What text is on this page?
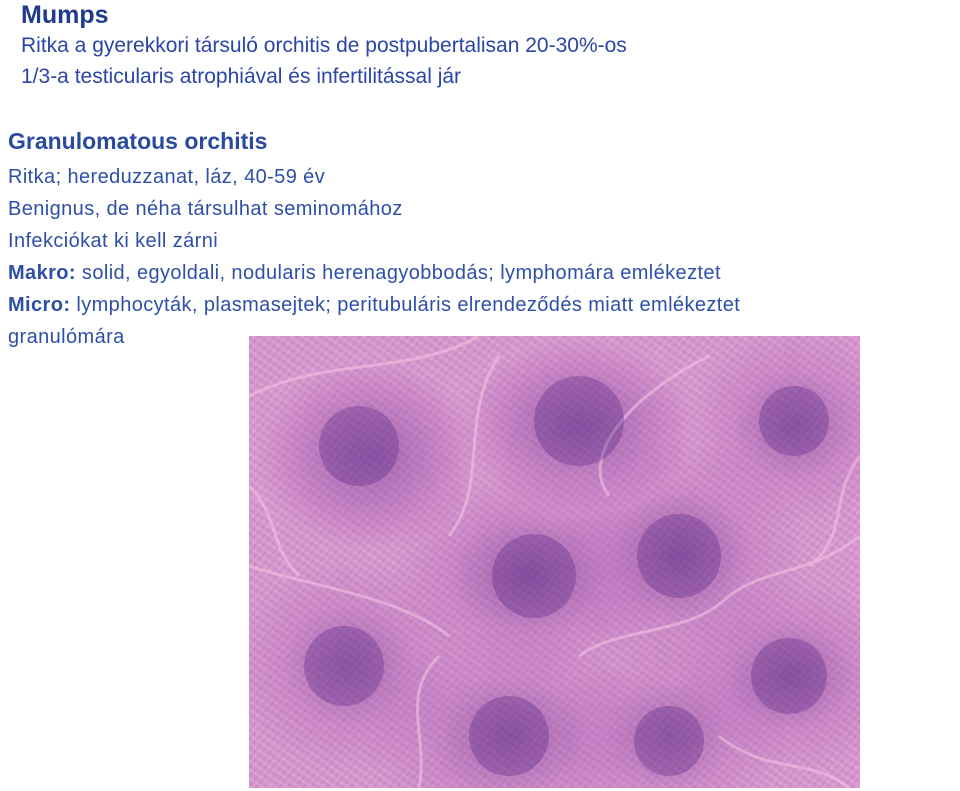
Mumps
Ritka a gyerekkori társuló orchitis de postpubertalisan 20-30%-os
1/3-a testicularis atrophiával és infertilitással jár
Granulomatous orchitis
Ritka; hereduzzanat, láz, 40-59 év
Benignus, de néha társulhat seminomához
Infekciókat ki kell zárni
Makro: solid, egyoldali, nodularis herenagyobbodás; lymphomára emlékeztet
Micro: lymphocyták, plasmasejtek; peritubuláris elrendeződés miatt emlékeztet
granulómára
